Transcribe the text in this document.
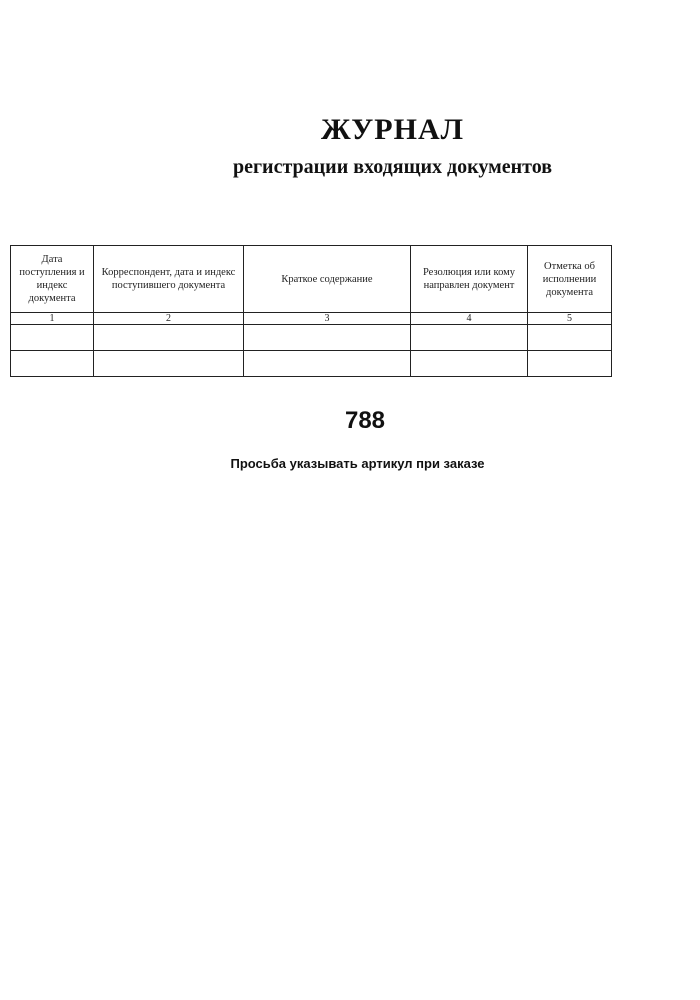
ЖУРНАЛ
регистрации входящих документов
Дата поступления и индекс документа	Корреспондент, дата и индекс поступившего документа	Краткое содержание	Резолюция или кому направлен документ	Отметка об исполнении документа
1	2	3	4	5

788
Просьба указывать артикул при заказе
